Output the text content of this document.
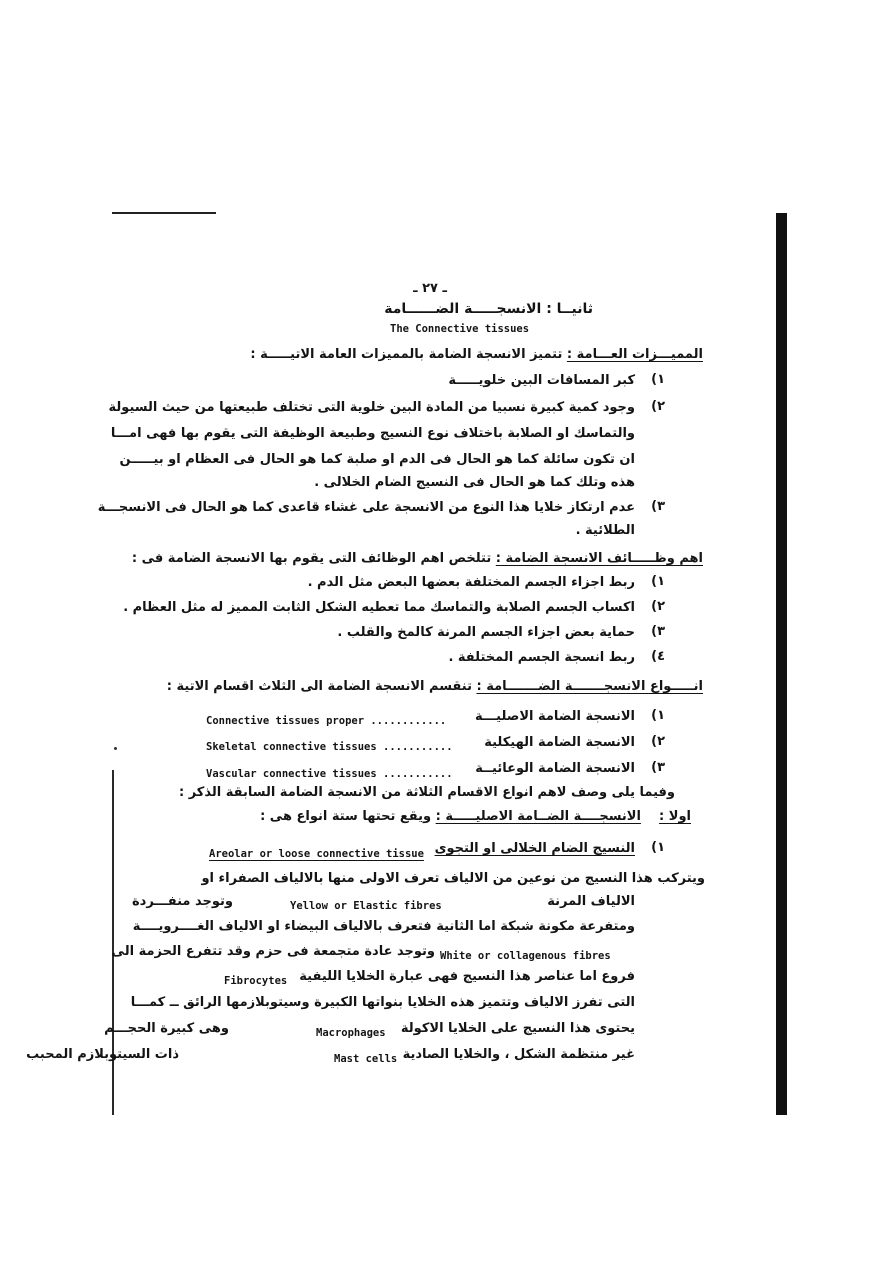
ـ ٢٧ ـ
ثانيــا : الانسجـــــة الضــــــامة
The Connective tissues
المميـــزات العـــامة : تتميز الانسجة الضامة بالمميزات العامة الاتيـــــة :
١)
كبر المسافات البين خلويـــــة
٢)
وجود كمية كبيرة نسبيا من المادة البين خلوية التى تختلف طبيعتها من حيث السيولة
والتماسك او الصلابة باختلاف نوع النسيج وطبيعة الوظيفة التى يقوم بها فهى امـــا
ان تكون سائلة كما هو الحال فى الدم او صلبة كما هو الحال فى العظام او بيـــــن
هذه وتلك كما هو الحال فى النسيج الضام الخلالى .
٣)
عدم ارتكاز خلايا هذا النوع من الانسجة على غشاء قاعدى كما هو الحال فى الانسجـــة
الطلائية .
اهم وظـــــائف الانسجة الضامة : تتلخص اهم الوظائف التى يقوم بها الانسجة الضامة فى :
١)
ربط اجزاء الجسم المختلفة بعضها البعض مثل الدم .
٢)
اكساب الجسم الصلابة والتماسك مما تعطيه الشكل الثابت المميز له مثل العظام .
٣)
حماية بعض اجزاء الجسم المرنة كالمخ والقلب .
٤)
ربط انسجة الجسم المختلفة .
انـــــواع الانسجـــــــة الضـــــــامة : تنقسم الانسجة الضامة الى الثلاث اقسام الاتية :
١)
الانسجة الضامة الاصليـــة
Connective tissues proper ............
٢)
الانسجة الضامة الهيكلية
Skeletal connective tissues ...........
٣)
الانسجة الضامة الوعائيــة
Vascular connective tissues ...........
وفيما يلى وصف لاهم انواع الاقسام الثلاثة من الانسجة الضامة السابقة الذكر :
اولا :    الانسجــــة الضــامة الاصليـــــة : ويقع تحتها ستة انواع هى :
١)
النسيج الضام الخلالى او التجوى
Areolar or loose connective tissue
ويتركب هذا النسيج من نوعين من الالياف تعرف الاولى منها بالالياف الصفراء او
الالياف المرنة
Yellow or Elastic fibres
وتوجد منفـــردة
ومتفرعة مكونة شبكة اما الثانية فتعرف بالالياف البيضاء او الالياف الغــــرويــــة
White or collagenous fibres
وتوجد عادة متجمعة فى حزم وقد تتفرع الحزمة الى
فروع اما عناصر هذا النسيج فهى عبارة الخلايا الليفية
Fibrocytes
التى تفرز الالياف وتتميز هذه الخلايا بنواتها الكبيرة وسيتوبلازمها الرائق ــ كمـــا
يحتوى هذا النسيج على الخلايا الاكولة
Macrophages
وهى كبيرة الحجـــم
غير منتظمة الشكل ، والخلايا الصادية
Mast cells
ذات السيتوبلازم المحبب
